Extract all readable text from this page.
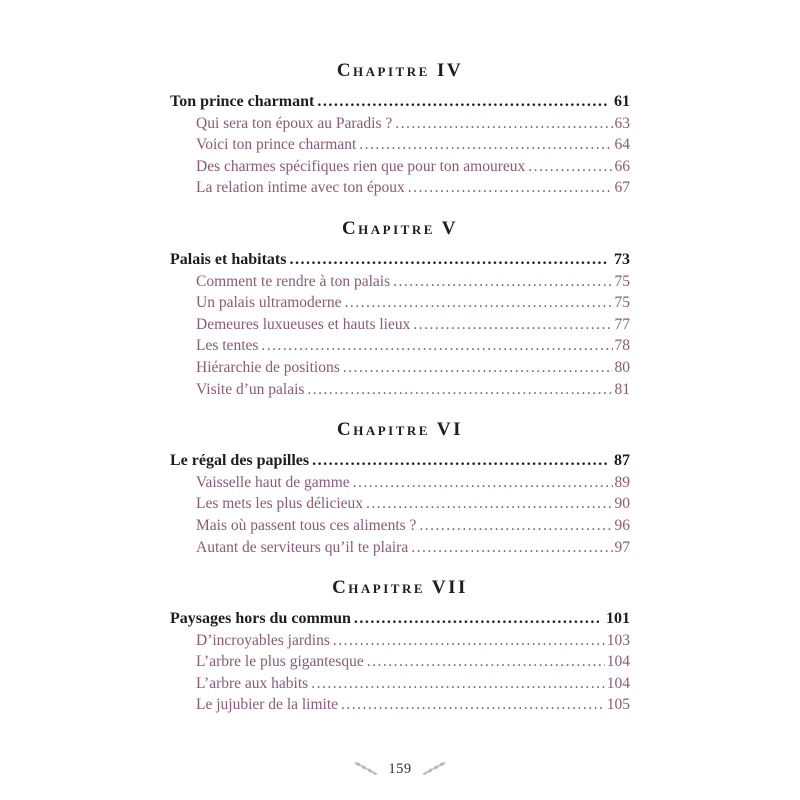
Chapitre IV
Ton prince charmant .....	61
Qui sera ton époux au Paradis ? .....	63
Voici ton prince charmant .....	64
Des charmes spécifiques rien que pour ton amoureux .....	66
La relation intime avec ton époux .....	67
Chapitre V
Palais et habitats .....	73
Comment te rendre à ton palais .....	75
Un palais ultramoderne .....	75
Demeures luxueuses et hauts lieux .....	77
Les tentes .....	78
Hiérarchie de positions .....	80
Visite d’un palais .....	81
Chapitre VI
Le régal des papilles .....	87
Vaisselle haut de gamme .....	89
Les mets les plus délicieux .....	90
Mais où passent tous ces aliments ? .....	96
Autant de serviteurs qu’il te plaira .....	97
Chapitre VII
Paysages hors du commun .....	101
D’incroyables jardins .....	103
L’arbre le plus gigantesque .....	104
L’arbre aux habits .....	104
Le jujubier de la limite .....	105
159
